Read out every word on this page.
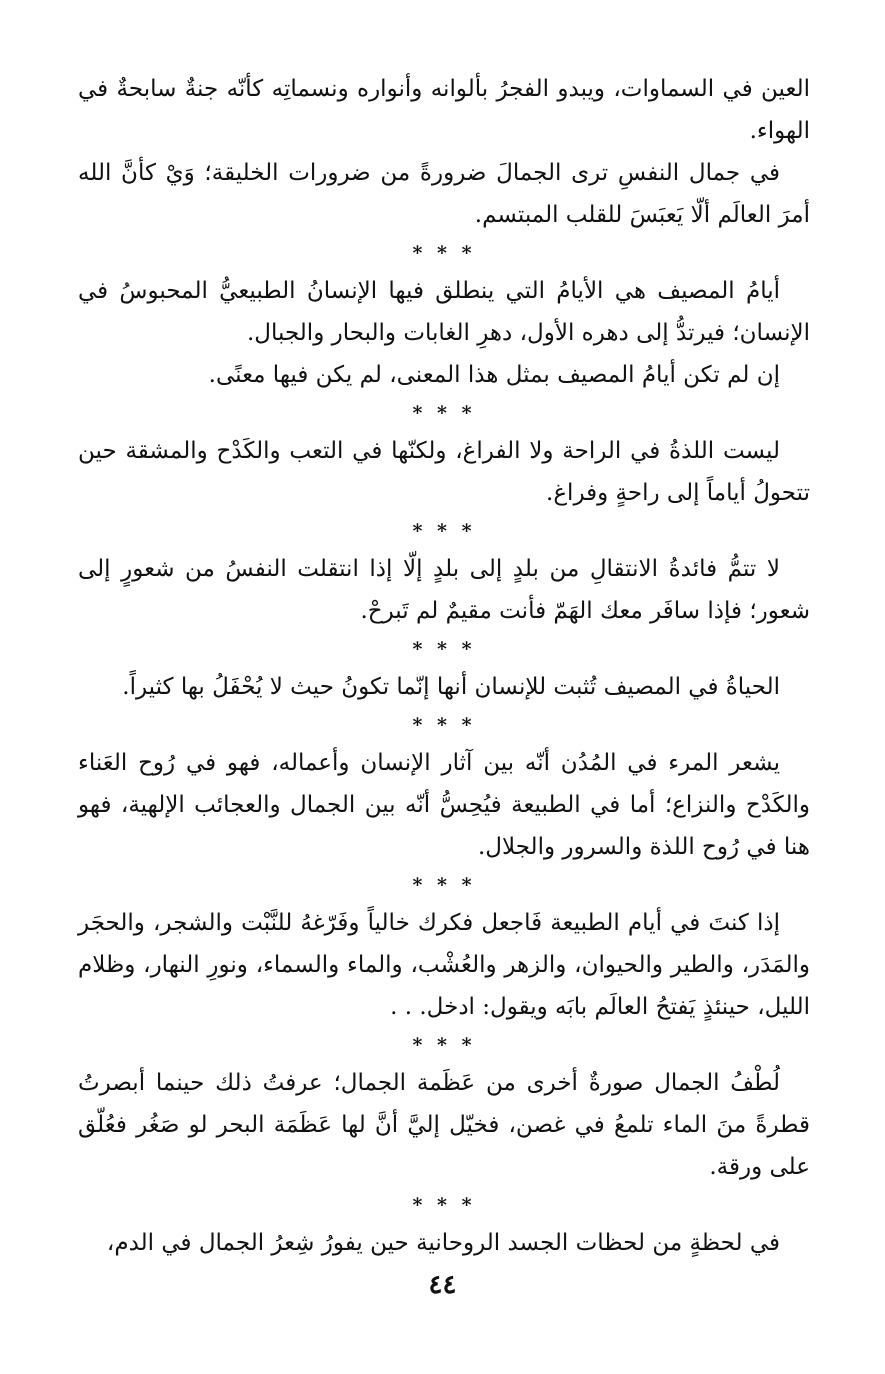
العين في السماوات، ويبدو الفجرُ بألوانه وأنواره ونسماتِه كأنّه جنةٌ سابحةٌ في الهواء.
في جمال النفسِ ترى الجمالَ ضرورةً من ضرورات الخليقة؛ وَيْ كأنَّ الله أمرَ العالَم ألّا يَعبَسَ للقلب المبتسم.
* * *
أيامُ المصيف هي الأيامُ التي ينطلق فيها الإنسانُ الطبيعيُّ المحبوسُ في الإنسان؛ فيرتدُّ إلى دهره الأول، دهرِ الغابات والبحار والجبال.
إن لم تكن أيامُ المصيف بمثل هذا المعنى، لم يكن فيها معنًى.
* * *
ليست اللذةُ في الراحة ولا الفراغ، ولكنّها في التعب والكَدْح والمشقة حين تتحولُ أياماً إلى راحةٍ وفراغ.
* * *
لا تتمُّ فائدةُ الانتقالِ من بلدٍ إلى بلدٍ إلّا إذا انتقلت النفسُ من شعورٍ إلى شعور؛ فإذا سافَر معك الهَمّ فأنت مقيمٌ لم تَبرحْ.
* * *
الحياةُ في المصيف تُثبت للإنسان أنها إنّما تكونُ حيث لا يُحْفَلُ بها كثيراً.
* * *
يشعر المرء في المُدُن أنّه بين آثار الإنسان وأعماله، فهو في رُوح العَناء والكَدْح والنزاع؛ أما في الطبيعة فيُحِسُّ أنّه بين الجمال والعجائب الإلهية، فهو هنا في رُوح اللذة والسرور والجلال.
* * *
إذا كنتَ في أيام الطبيعة فَاجعل فكرك خالياً وفَرّغهُ للنَّبْت والشجر، والحجَر والمَدَر، والطير والحيوان، والزهر والعُشْب، والماء والسماء، ونورِ النهار، وظلام الليل، حينئذٍ يَفتحُ العالَم بابَه ويقول: ادخل. . .
* * *
لُطْفُ الجمال صورةٌ أخرى من عَظَمة الجمال؛ عرفتُ ذلك حينما أبصرتُ قطرةً منَ الماء تلمعُ في غصن، فخيّل إليَّ أنَّ لها عَظَمَة البحر لو صَغُر فعُلّق على ورقة.
* * *
في لحظةٍ من لحظات الجسد الروحانية حين يفورُ شِعرُ الجمال في الدم،
٤٤
